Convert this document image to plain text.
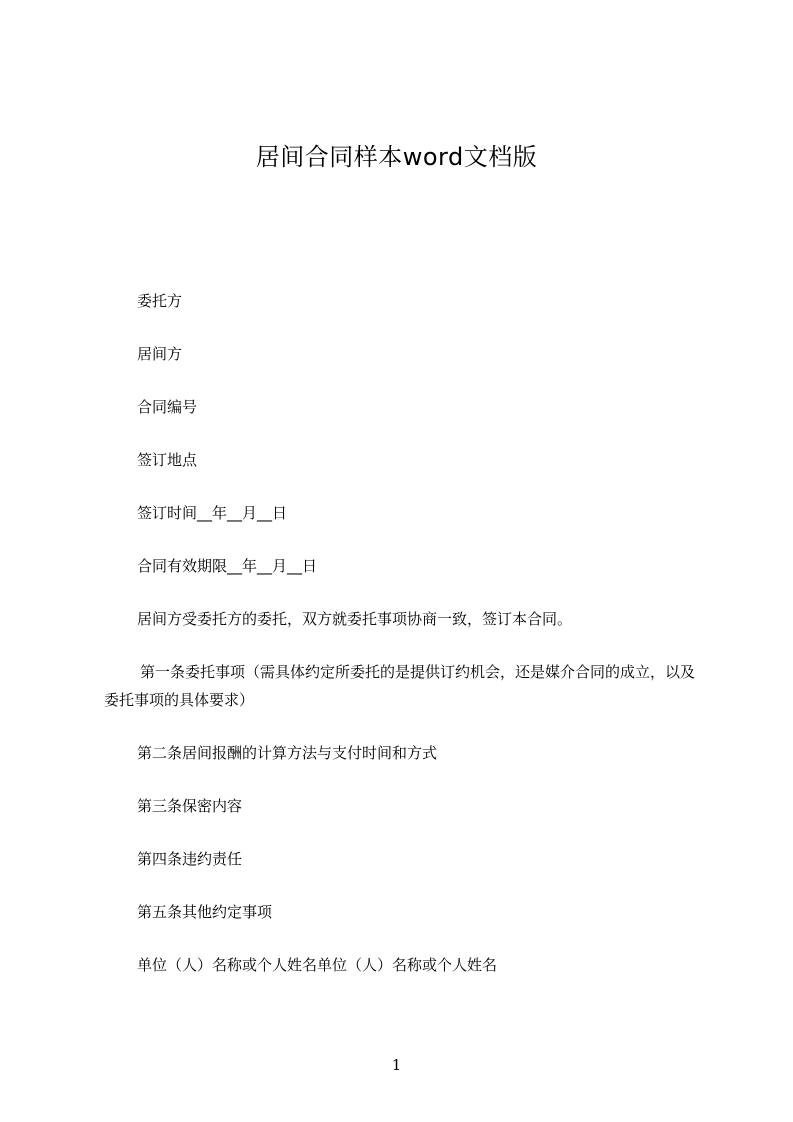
居间合同样本word文档版
委托方
居间方
合同编号
签订地点
签订时间__年__月__日
合同有效期限__年__月__日
居间方受委托方的委托，双方就委托事项协商一致，签订本合同。
第一条委托事项（需具体约定所委托的是提供订约机会，还是媒介合同的成立，以及委托事项的具体要求）
第二条居间报酬的计算方法与支付时间和方式
第三条保密内容
第四条违约责任
第五条其他约定事项
单位（人）名称或个人姓名单位（人）名称或个人姓名
1
